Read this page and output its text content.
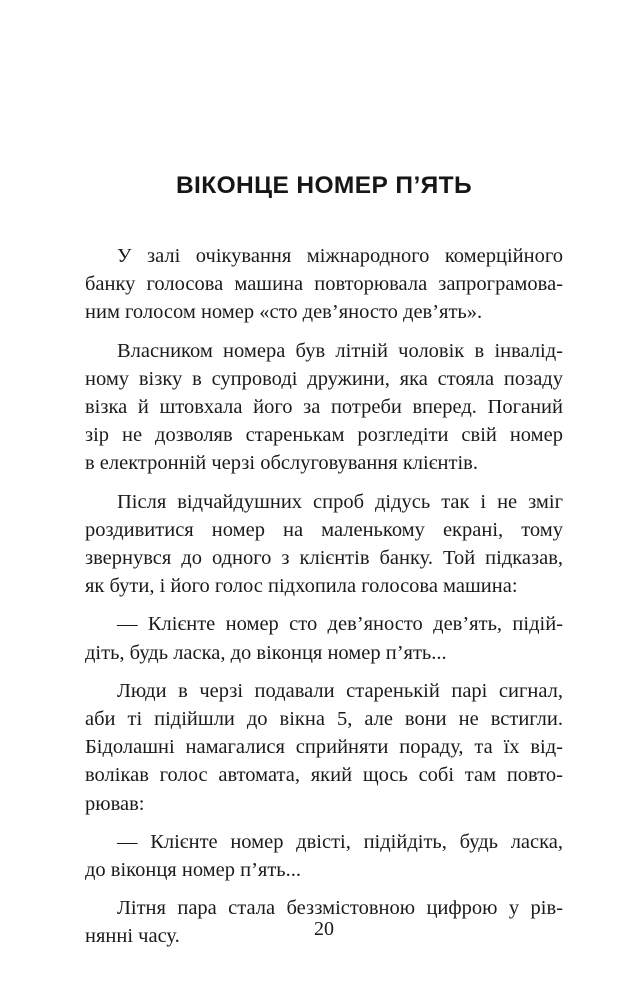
ВІКОНЦЕ НОМЕР П’ЯТЬ

У залі очікування міжнародного комерційного
банку голосова машина повторювала запрограмова-
ним голосом номер «сто дев’яносто дев’ять».

Власником номера був літній чоловік в інвалід-
ному візку в супроводі дружини, яка стояла позаду
візка й штовхала його за потреби вперед. Поганий
зір не дозволяв старенькам розгледіти свій номер
в електронній черзі обслуговування клієнтів.

Після відчайдушних спроб дідусь так і не зміг
роздивитися номер на маленькому екрані, тому
звернувся до одного з клієнтів банку. Той підказав,
як бути, і його голос підхопила голосова машина:

— Клієнте номер сто дев’яносто дев’ять, підій-
діть, будь ласка, до віконця номер п’ять...

Люди в черзі подавали старенькій парі сигнал,
аби ті підійшли до вікна 5, але вони не встигли.
Бідолашні намагалися сприйняти пораду, та їх від-
волікав голос автомата, який щось собі там повто-
рював:

— Клієнте номер двісті, підійдіть, будь ласка,
до віконця номер п’ять...

Літня пара стала беззмістовною цифрою у рів-
нянні часу.	20
